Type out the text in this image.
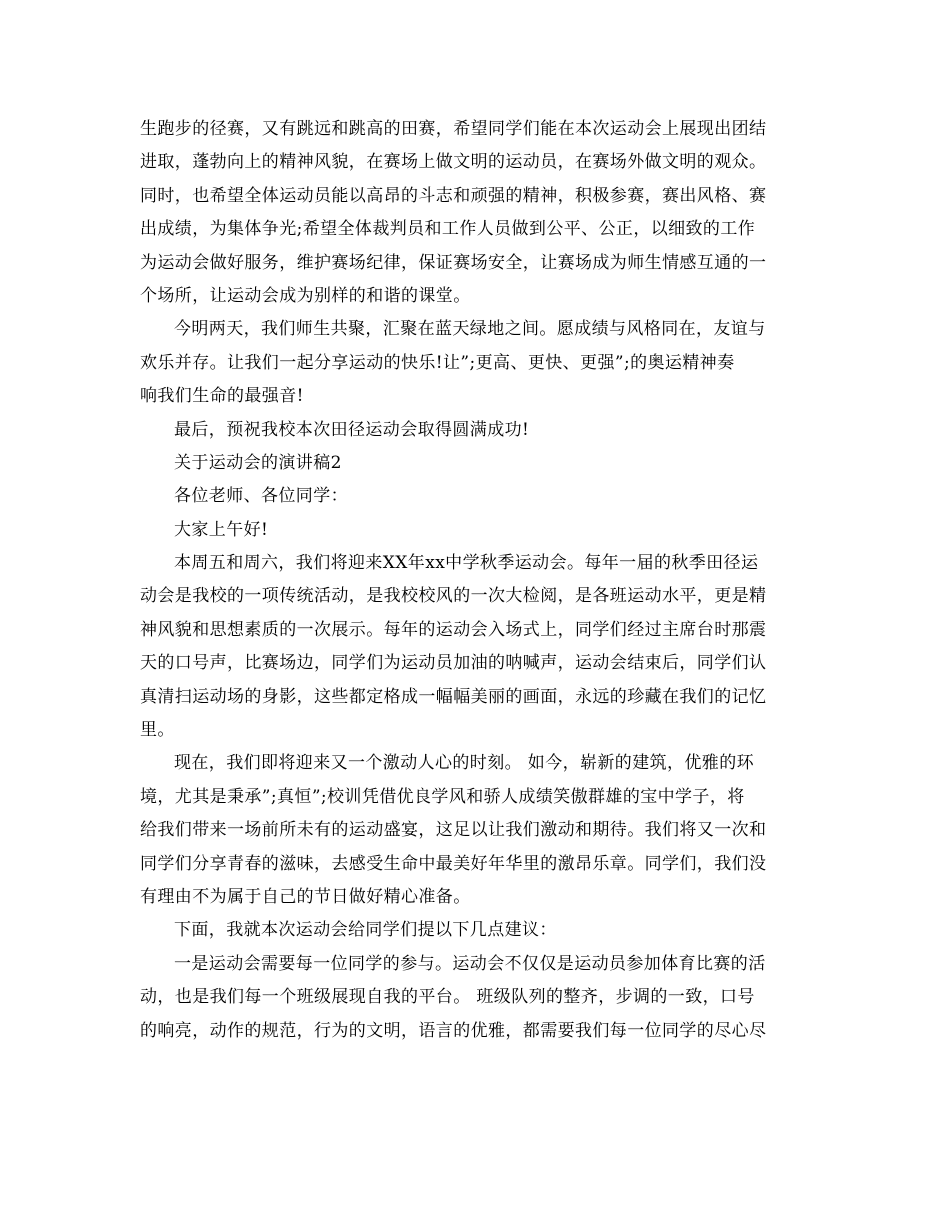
生跑步的径赛，又有跳远和跳高的田赛，希望同学们能在本次运动会上展现出团结
进取，蓬勃向上的精神风貌，在赛场上做文明的运动员，在赛场外做文明的观众。
同时，也希望全体运动员能以高昂的斗志和顽强的精神，积极参赛，赛出风格、赛
出成绩，为集体争光;希望全体裁判员和工作人员做到公平、公正，以细致的工作
为运动会做好服务，维护赛场纪律，保证赛场安全，让赛场成为师生情感互通的一
个场所，让运动会成为别样的和谐的课堂。
今明两天，我们师生共聚，汇聚在蓝天绿地之间。愿成绩与风格同在，友谊与
欢乐并存。让我们一起分享运动的快乐!让”;更高、更快、更强”;的奥运精神奏
响我们生命的最强音!
最后，预祝我校本次田径运动会取得圆满成功!
关于运动会的演讲稿2
各位老师、各位同学：
大家上午好!
本周五和周六，我们将迎来XX年xx中学秋季运动会。每年一届的秋季田径运
动会是我校的一项传统活动，是我校校风的一次大检阅，是各班运动水平，更是精
神风貌和思想素质的一次展示。每年的运动会入场式上，同学们经过主席台时那震
天的口号声，比赛场边，同学们为运动员加油的呐喊声，运动会结束后，同学们认
真清扫运动场的身影，这些都定格成一幅幅美丽的画面，永远的珍藏在我们的记忆
里。
现在，我们即将迎来又一个激动人心的时刻。 如今，崭新的建筑，优雅的环
境，尤其是秉承”;真恒”;校训凭借优良学风和骄人成绩笑傲群雄的宝中学子，将
给我们带来一场前所未有的运动盛宴，这足以让我们激动和期待。我们将又一次和
同学们分享青春的滋味，去感受生命中最美好年华里的激昂乐章。同学们，我们没
有理由不为属于自己的节日做好精心准备。
下面，我就本次运动会给同学们提以下几点建议：
一是运动会需要每一位同学的参与。运动会不仅仅是运动员参加体育比赛的活
动，也是我们每一个班级展现自我的平台。 班级队列的整齐，步调的一致，口号
的响亮，动作的规范，行为的文明，语言的优雅，都需要我们每一位同学的尽心尽
